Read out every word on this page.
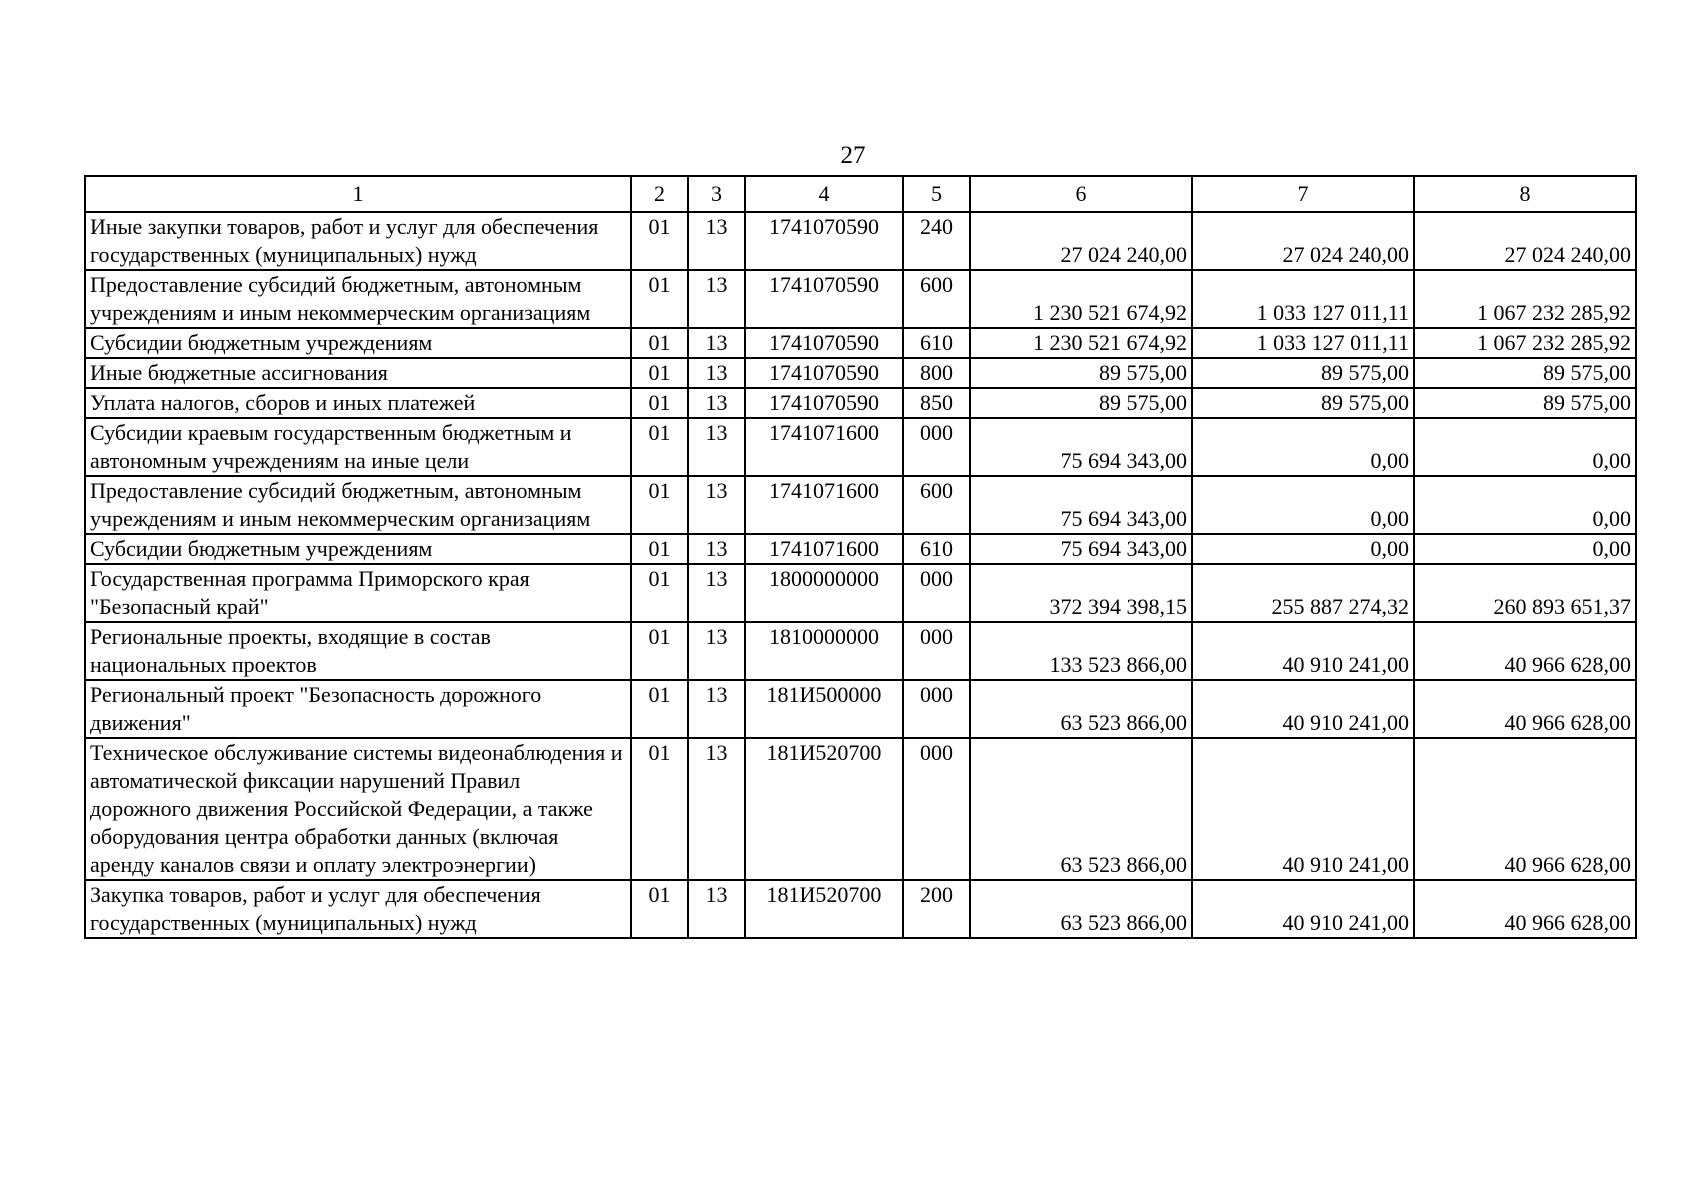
27
1	2	3	4	5	6	7	8
Иные закупки товаров, работ и услуг для обеспечения государственных (муниципальных) нужд	01	13	1741070590	240	27 024 240,00	27 024 240,00	27 024 240,00
Предоставление субсидий бюджетным, автономным учреждениям и иным некоммерческим организациям	01	13	1741070590	600	1 230 521 674,92	1 033 127 011,11	1 067 232 285,92
Субсидии бюджетным учреждениям	01	13	1741070590	610	1 230 521 674,92	1 033 127 011,11	1 067 232 285,92
Иные бюджетные ассигнования	01	13	1741070590	800	89 575,00	89 575,00	89 575,00
Уплата налогов, сборов и иных платежей	01	13	1741070590	850	89 575,00	89 575,00	89 575,00
Субсидии краевым государственным бюджетным и автономным учреждениям на иные цели	01	13	1741071600	000	75 694 343,00	0,00	0,00
Предоставление субсидий бюджетным, автономным учреждениям и иным некоммерческим организациям	01	13	1741071600	600	75 694 343,00	0,00	0,00
Субсидии бюджетным учреждениям	01	13	1741071600	610	75 694 343,00	0,00	0,00
Государственная программа Приморского края "Безопасный край"	01	13	1800000000	000	372 394 398,15	255 887 274,32	260 893 651,37
Региональные проекты, входящие в состав национальных проектов	01	13	1810000000	000	133 523 866,00	40 910 241,00	40 966 628,00
Региональный проект "Безопасность дорожного движения"	01	13	181И500000	000	63 523 866,00	40 910 241,00	40 966 628,00
Техническое обслуживание системы видеонаблюдения и автоматической фиксации нарушений Правил дорожного движения Российской Федерации, а также оборудования центра обработки данных (включая аренду каналов связи и оплату электроэнергии)	01	13	181И520700	000	63 523 866,00	40 910 241,00	40 966 628,00
Закупка товаров, работ и услуг для обеспечения государственных (муниципальных) нужд	01	13	181И520700	200	63 523 866,00	40 910 241,00	40 966 628,00
